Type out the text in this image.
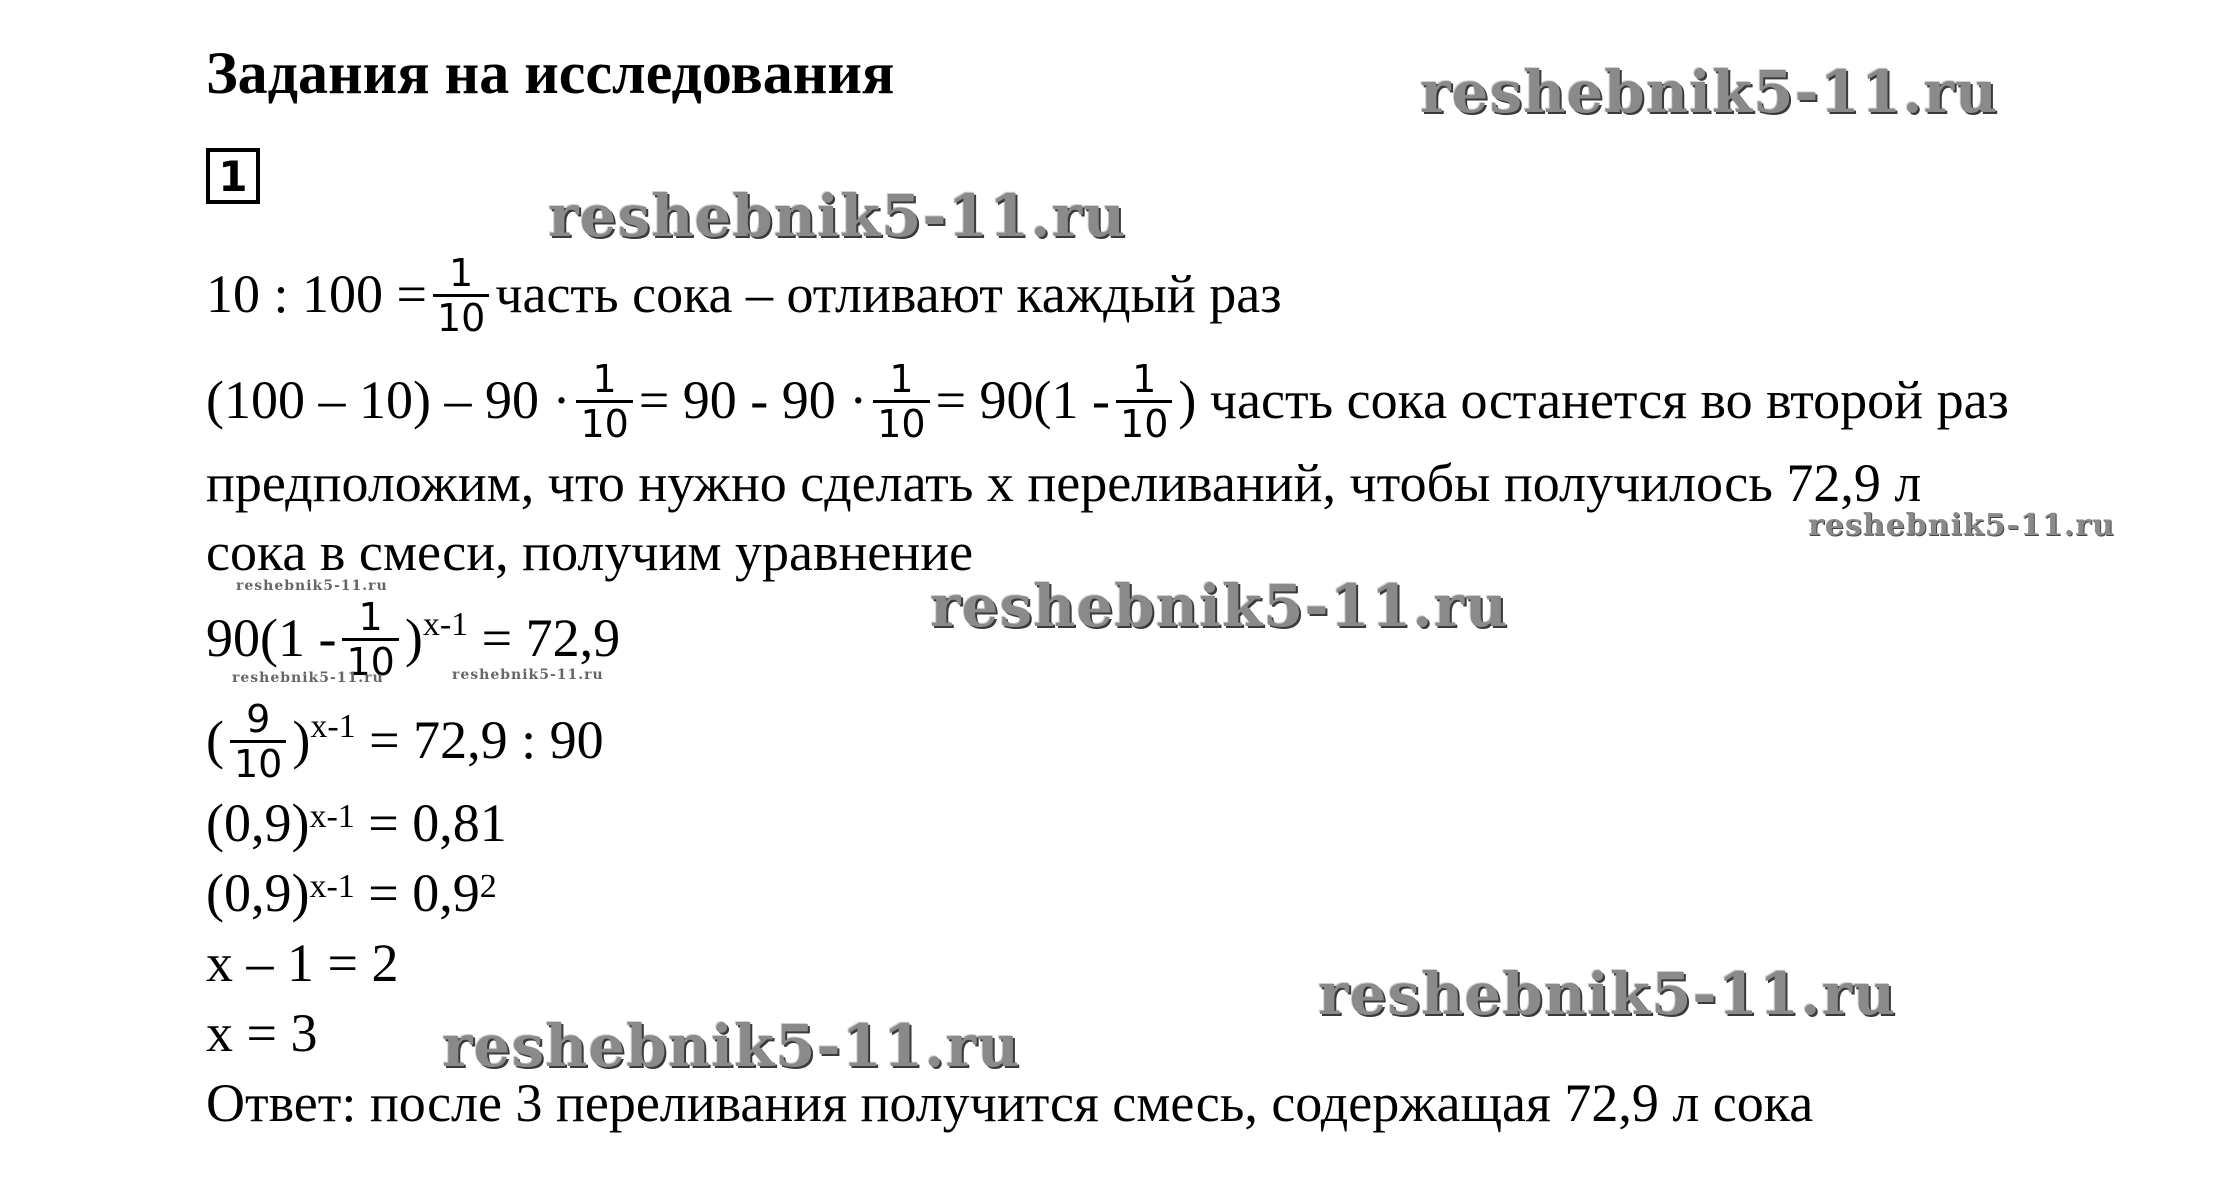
Задания на исследования
1
10 : $100 = \frac{1}{10}$ часть сока – отливают каждый раз
$(100 - 10) - 90 \cdot \frac{1}{10} = 90 - 90 \cdot \frac{1}{10} = 90(1 - \frac{1}{10}$ ) часть сока останется во второй раз
предположим, что нужно сделать x переливаний, чтобы получилось 72,9 л
сока в смеси, получим уравнение
$90(1 - \frac{1}{10} )^{x-1} = 72,9$
( $\frac{9}{10} )^{x-1} = 72,9$ : 90
$(0,9)^{x-1} = 0,81$
$(0,9)^{x-1} = 0,9^2$
x – 1 = 2
x = 3
Ответ: после 3 переливания получится смесь, содержащая 72,9 л сока
reshebnik5-11.ru
reshebnik5-11.ru
reshebnik5-11.ru
reshebnik5-11.ru
reshebnik5-11.ru
reshebnik5-11.ru	reshebnik5-11.ru
reshebnik5-11.ru
reshebnik5-11.ru
